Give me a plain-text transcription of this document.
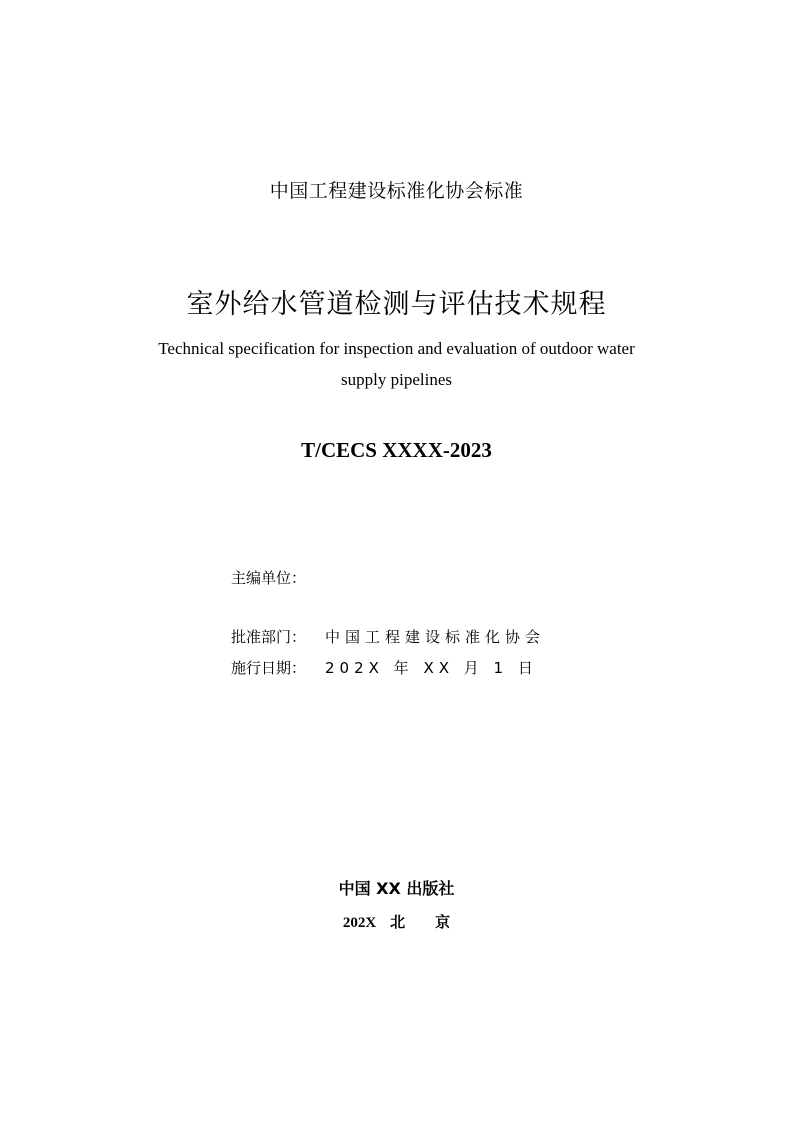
中国工程建设标准化协会标准
室外给水管道检测与评估技术规程
Technical specification for inspection and evaluation of outdoor water
supply pipelines
T/CECS XXXX-2023
主编单位：
批准部门： 中国工程建设标准化协会
施行日期： 202X 年 XX 月 1 日
中国 XX 出版社
202X 北 京
